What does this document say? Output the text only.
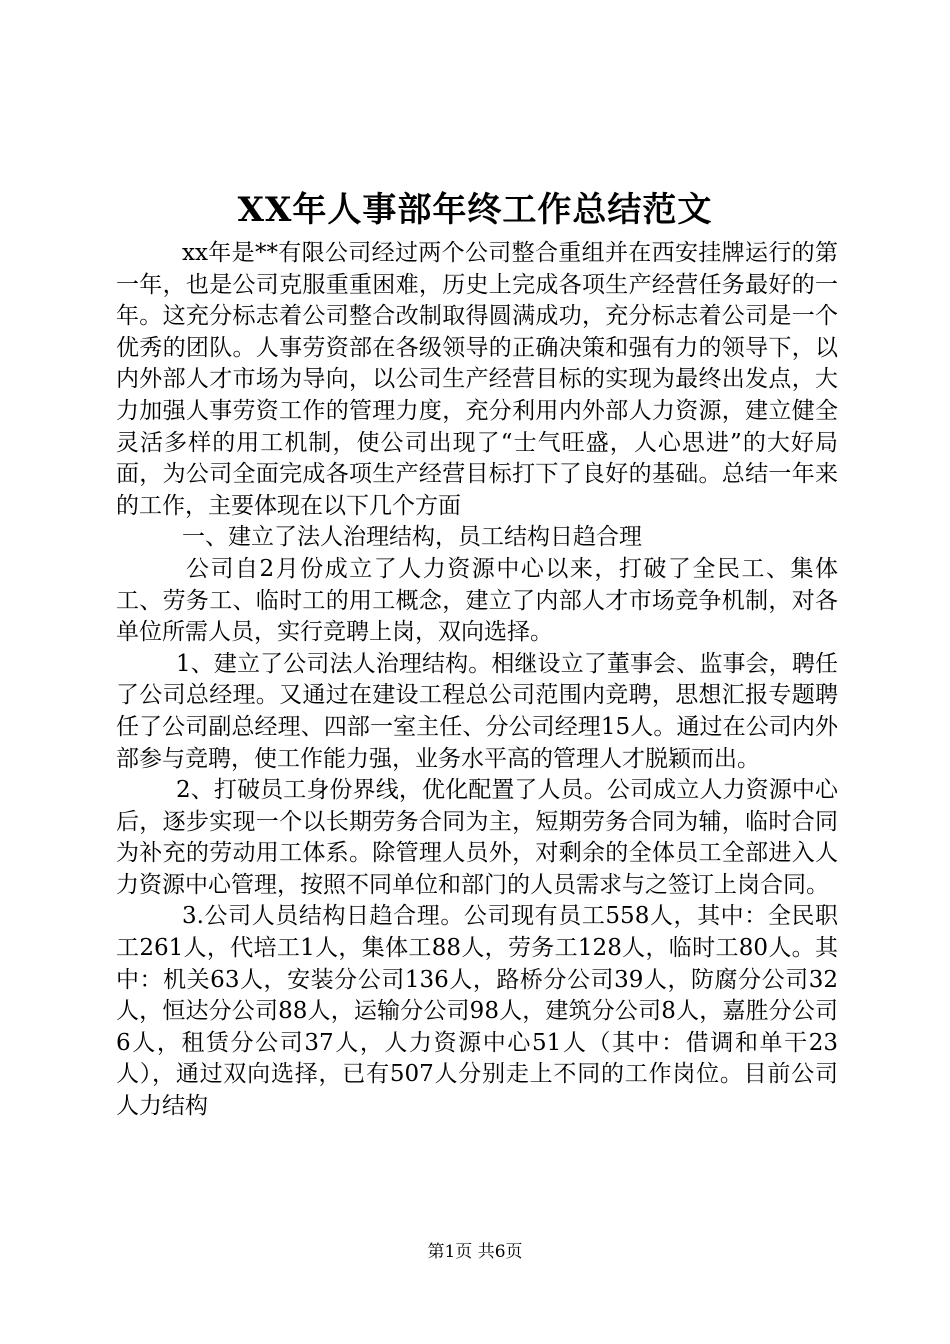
XX年人事部年终工作总结范文

xx年是**有限公司经过两个公司整合重组并在西安挂牌运行的第一年，也是公司克服重重困难，历史上完成各项生产经营任务最好的一年。这充分标志着公司整合改制取得圆满成功，充分标志着公司是一个优秀的团队。人事劳资部在各级领导的正确决策和强有力的领导下，以内外部人才市场为导向，以公司生产经营目标的实现为最终出发点，大力加强人事劳资工作的管理力度，充分利用内外部人力资源，建立健全灵活多样的用工机制，使公司出现了“士气旺盛，人心思进”的大好局面，为公司全面完成各项生产经营目标打下了良好的基础。总结一年来的工作，主要体现在以下几个方面

一、建立了法人治理结构，员工结构日趋合理

公司自2月份成立了人力资源中心以来，打破了全民工、集体工、劳务工、临时工的用工概念，建立了内部人才市场竞争机制，对各单位所需人员，实行竞聘上岗，双向选择。

1、建立了公司法人治理结构。相继设立了董事会、监事会，聘任了公司总经理。又通过在建设工程总公司范围内竞聘，思想汇报专题聘任了公司副总经理、四部一室主任、分公司经理15人。通过在公司内外部参与竞聘，使工作能力强，业务水平高的管理人才脱颖而出。

2、打破员工身份界线，优化配置了人员。公司成立人力资源中心后，逐步实现一个以长期劳务合同为主，短期劳务合同为辅，临时合同为补充的劳动用工体系。除管理人员外，对剩余的全体员工全部进入人力资源中心管理，按照不同单位和部门的人员需求与之签订上岗合同。

3.公司人员结构日趋合理。公司现有员工558人，其中：全民职工261人，代培工1人，集体工88人，劳务工128人，临时工80人。其中：机关63人，安装分公司136人，路桥分公司39人，防腐分公司32人，恒达分公司88人，运输分公司98人，建筑分公司8人，嘉胜分公司6人，租赁分公司37人，人力资源中心51人（其中：借调和单干23人），通过双向选择，已有507人分别走上不同的工作岗位。目前公司人力结构

第1页 共6页
